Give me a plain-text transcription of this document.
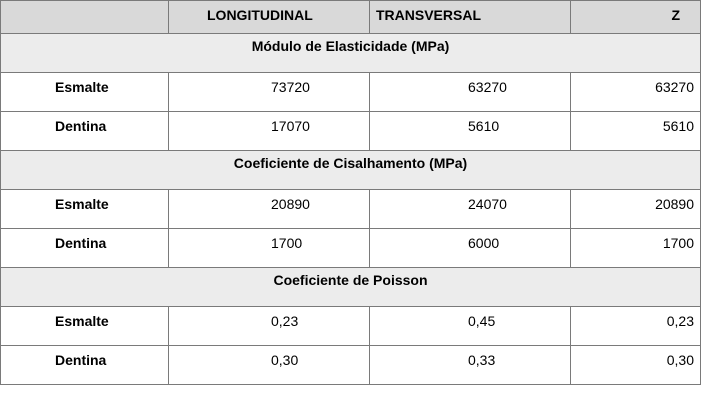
	LONGITUDINAL	TRANSVERSAL	Z

Módulo de Elasticidade (MPa)			

Esmalte	73720	63270	63270

Dentina	17070	5610	5610

Coeficiente de Cisalhamento (MPa)			

Esmalte	20890	24070	20890

Dentina	1700	6000	1700

Coeficiente de Poisson			

Esmalte	0,23	0,45	0,23

Dentina	0,30	0,33	0,30
